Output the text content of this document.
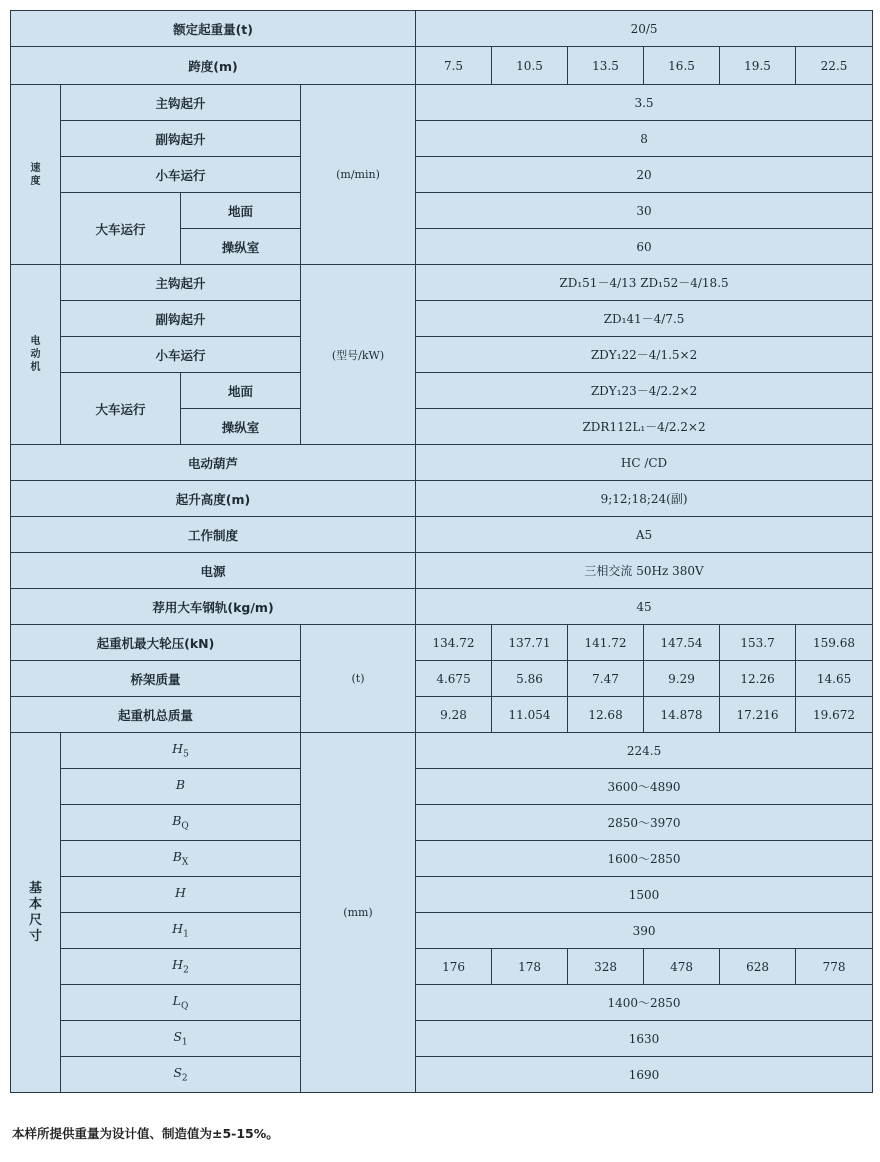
额定起重量(t)				20/5					
跨度(m)				7.5	10.5	13.5	16.5	19.5	22.5

速
度	主钩起升		(m/min)	3.5					
	副钩起升			8					
	小车运行			20					
	大车运行	地面		30					
		操纵室		60					

电
动
机	主钩起升		(型号/kW)	ZD₁51－4/13 ZD₁52－4/18.5					
	副钩起升			ZD₁41－4/7.5					
	小车运行			ZDY₁22－4/1.5×2					
	大车运行	地面		ZDY₁23－4/2.2×2					
		操纵室		ZDR112L₁－4/2.2×2					
电动葫芦				HC /CD					
起升高度(m)				9;12;18;24(副)					
工作制度				A5					
电源				三相交流 50Hz 380V					
荐用大车钢轨(kg/m)				45					
起重机最大轮压(kN)			(t)	134.72	137.71	141.72	147.54	153.7	159.68
桥架质量				4.675	5.86	7.47	9.29	12.26	14.65
起重机总质量				9.28	11.054	12.68	14.878	17.216	19.672

基
本
尺
寸	$H_5$		(mm)	224.5					
	B			3600～4890					
	$B_Q$			2850～3970					
	$B_X$			1600～2850					
	H			1500					
	$H_1$			390					
	$H_2$			176	178	328	478	628	778
	$L_Q$			1400～2850					
	$S_1$			1630					
	$S_2$			1690					
本样所提供重量为设计值、制造值为±5-15%。
